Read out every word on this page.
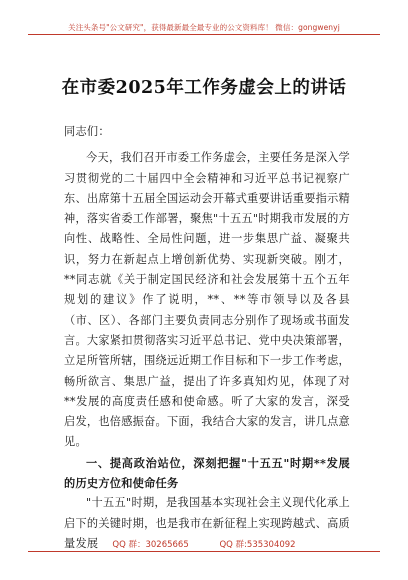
关注头条号"公文研究"，获得最新最全最专业的公文资料库！ 微信：gongwenyj
在市委2025年工作务虚会上的讲话

同志们：

今天，我们召开市委工作务虚会，主要任务是深入学习贯彻党的二十届四中全会精神和习近平总书记视察广东、出席第十五届全国运动会开幕式重要讲话重要指示精神，落实省委工作部署，聚焦"十五五"时期我市发展的方向性、战略性、全局性问题，进一步集思广益、凝聚共识，努力在新起点上增创新优势、实现新突破。刚才，**同志就《关于制定国民经济和社会发展第十五个五年规划的建议》作了说明，**、**等市领导以及各县（市、区）、各部门主要负责同志分别作了现场或书面发言。大家紧扣贯彻落实习近平总书记、党中央决策部署，立足所管所辖，围绕远近期工作目标和下一步工作考虑，畅所欲言、集思广益，提出了许多真知灼见，体现了对**发展的高度责任感和使命感。听了大家的发言，深受启发，也倍感振奋。下面，我结合大家的发言，讲几点意见。

一、提高政治站位，深刻把握"十五五"时期**发展的历史方位和使命任务

"十五五"时期，是我国基本实现社会主义现代化承上启下的关键时期，也是我市在新征程上实现跨越式、高质量发展	QQ 群：30265665	QQ 群:535304092
